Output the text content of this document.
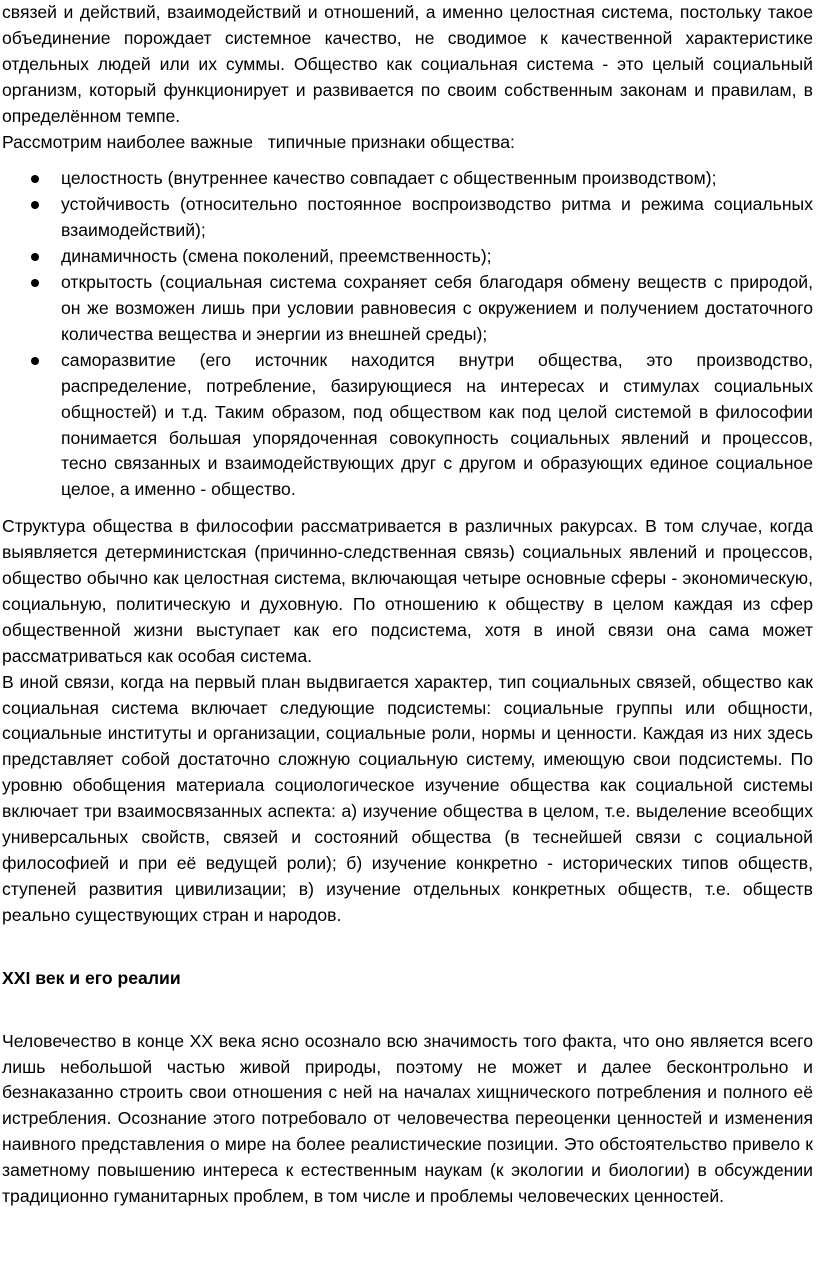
связей и действий, взаимодействий и отношений, а именно целостная система, постольку такое объединение порождает системное качество, не сводимое к качественной характеристике отдельных людей или их суммы. Общество как социальная система - это целый социальный организм, который функционирует и развивается по своим собственным законам и правилам, в определённом темпе.

Рассмотрим наиболее важные   типичные признаки общества:

целостность (внутреннее качество совпадает с общественным производством);
устойчивость (относительно постоянное воспроизводство ритма и режима социальных взаимодействий);
динамичность (смена поколений, преемственность);
открытость (социальная система сохраняет себя благодаря обмену веществ с природой, он же возможен лишь при условии равновесия с окружением и получением достаточного количества вещества и энергии из внешней среды);
саморазвитие (его источник находится внутри общества, это производство, распределение, потребление, базирующиеся на интересах и стимулах социальных общностей) и т.д. Таким образом, под обществом как под целой системой в философии понимается большая упорядоченная совокупность социальных явлений и процессов, тесно связанных и взаимодействующих друг с другом и образующих единое социальное целое, а именно - общество.

Структура общества в философии рассматривается в различных ракурсах. В том случае, когда выявляется детерминистская (причинно-следственная связь) социальных явлений и процессов, общество обычно как целостная система, включающая четыре основные сферы - экономическую, социальную, политическую и духовную. По отношению к обществу в целом каждая из сфер общественной жизни выступает как его подсистема, хотя в иной связи она сама может рассматриваться как особая система.

В иной связи, когда на первый план выдвигается характер, тип социальных связей, общество как социальная система включает следующие подсистемы: социальные группы или общности, социальные институты и организации, социальные роли, нормы и ценности. Каждая из них здесь представляет собой достаточно сложную социальную систему, имеющую свои подсистемы. По уровню обобщения материала социологическое изучение общества как социальной системы включает три взаимосвязанных аспекта: а) изучение общества в целом, т.е. выделение всеобщих универсальных свойств, связей и состояний общества (в теснейшей связи с социальной философией и при её ведущей роли); б) изучение конкретно - исторических типов обществ, ступеней развития цивилизации; в) изучение отдельных конкретных обществ, т.е. обществ реально существующих стран и народов.

XXI век и его реалии

Человечество в конце XX века ясно осознало всю значимость того факта, что оно является всего лишь небольшой частью живой природы, поэтому не может и далее бесконтрольно и безнаказанно строить свои отношения с ней на началах хищнического потребления и полного её истребления. Осознание этого потребовало от человечества переоценки ценностей и изменения наивного представления о мире на более реалистические позиции. Это обстоятельство привело к заметному повышению интереса к естественным наукам (к экологии и биологии) в обсуждении традиционно гуманитарных проблем, в том числе и проблемы человеческих ценностей.
